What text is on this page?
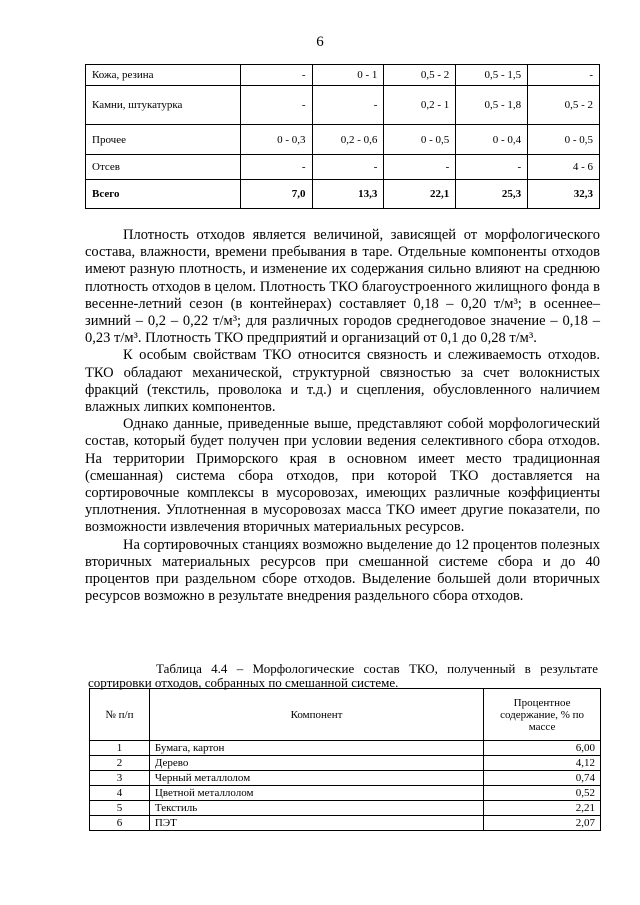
6
Кожа, резина	-	0 - 1	0,5 - 2	0,5 - 1,5	-
Камни, штукатурка	-	-	0,2 - 1	0,5 - 1,8	0,5 - 2
Прочее	0 - 0,3	0,2 - 0,6	0 - 0,5	0 - 0,4	0 - 0,5
Отсев	-	-	-	-	4 - 6
Всего	7,0	13,3	22,1	25,3	32,3

Плотность отходов является величиной, зависящей от морфологического состава, влажности, времени пребывания в таре. Отдельные компоненты отходов имеют разную плотность, и изменение их содержания сильно влияют на среднюю плотность отходов в целом. Плотность ТКО благоустроенного жилищного фонда в весенне-летний сезон (в контейнерах) составляет 0,18 – 0,20 т/м³; в осеннее–зимний – 0,2 – 0,22 т/м³; для различных городов среднегодовое значение – 0,18 – 0,23 т/м³. Плотность ТКО предприятий и организаций от 0,1 до 0,28 т/м³.

К особым свойствам ТКО относится связность и слеживаемость отходов. ТКО обладают механической, структурной связностью за счет волокнистых фракций (текстиль, проволока и т.д.) и сцепления, обусловленного наличием влажных липких компонентов.

Однако данные, приведенные выше, представляют собой морфологический состав, который будет получен при условии ведения селективного сбора отходов. На территории Приморского края в основном имеет место традиционная (смешанная) система сбора отходов, при которой ТКО доставляется на сортировочные комплексы в мусоровозах, имеющих различные коэффициенты уплотнения. Уплотненная в мусоровозах масса ТКО имеет другие показатели, по возможности извлечения вторичных материальных ресурсов.

На сортировочных станциях возможно выделение до 12 процентов полезных вторичных материальных ресурсов при смешанной системе сбора и до 40 процентов при раздельном сборе отходов. Выделение большей доли вторичных ресурсов возможно в результате внедрения раздельного сбора отходов.

Таблица 4.4 – Морфологические состав ТКО, полученный в результате сортировки отходов, собранных по смешанной системе.
№ п/п	Компонент	Процентное содержание, % по массе
1	Бумага, картон	6,00
2	Дерево	4,12
3	Черный металлолом	0,74
4	Цветной металлолом	0,52
5	Текстиль	2,21
6	ПЭТ	2,07
